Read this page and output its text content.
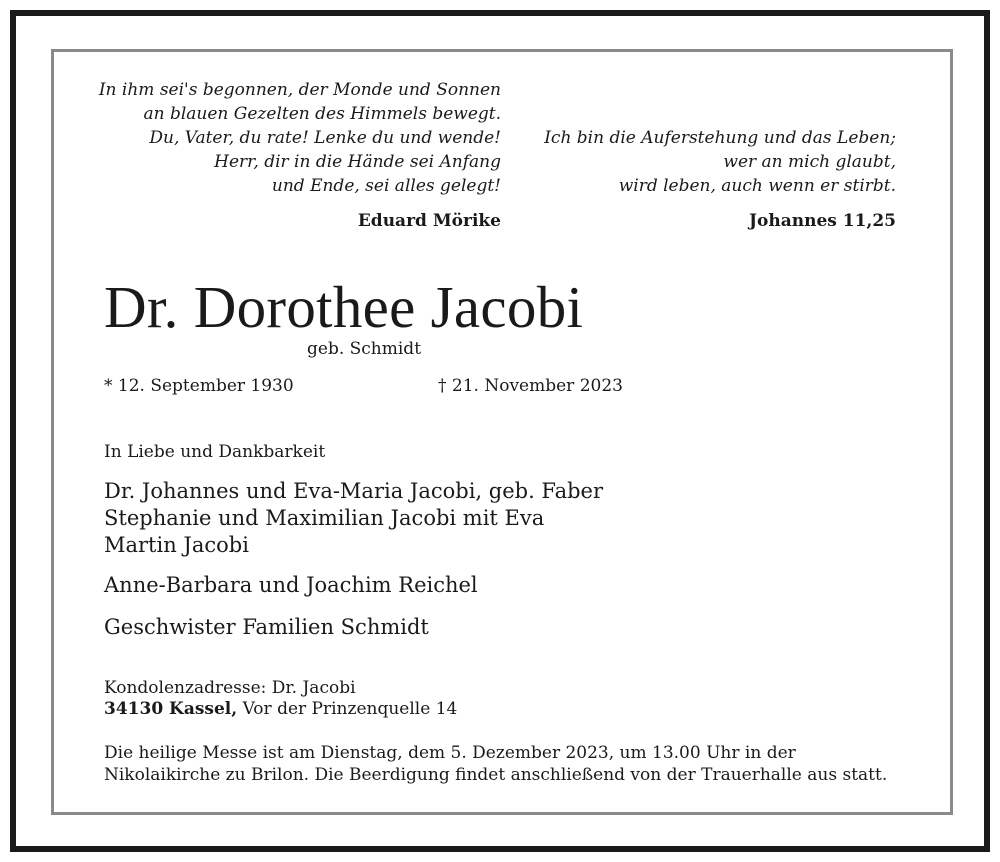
In ihm sei's begonnen, der Monde und Sonnen
an blauen Gezelten des Himmels bewegt.
Du, Vater, du rate! Lenke du und wende!
Herr, dir in die Hände sei Anfang
und Ende, sei alles gelegt!
Eduard Mörike
Ich bin die Auferstehung und das Leben;
wer an mich glaubt,
wird leben, auch wenn er stirbt.
Johannes 11,25
Dr. Dorothee Jacobi
geb. Schmidt
* 12. September 1930	† 21. November 2023
In Liebe und Dankbarkeit
Dr. Johannes und Eva-Maria Jacobi, geb. Faber
Stephanie und Maximilian Jacobi mit Eva
Martin Jacobi
Anne-Barbara und Joachim Reichel
Geschwister Familien Schmidt
Kondolenzadresse: Dr. Jacobi
34130 Kassel, Vor der Prinzenquelle 14
Die heilige Messe ist am Dienstag, dem 5. Dezember 2023, um 13.00 Uhr in der
Nikolaikirche zu Brilon. Die Beerdigung findet anschließend von der Trauerhalle aus statt.
